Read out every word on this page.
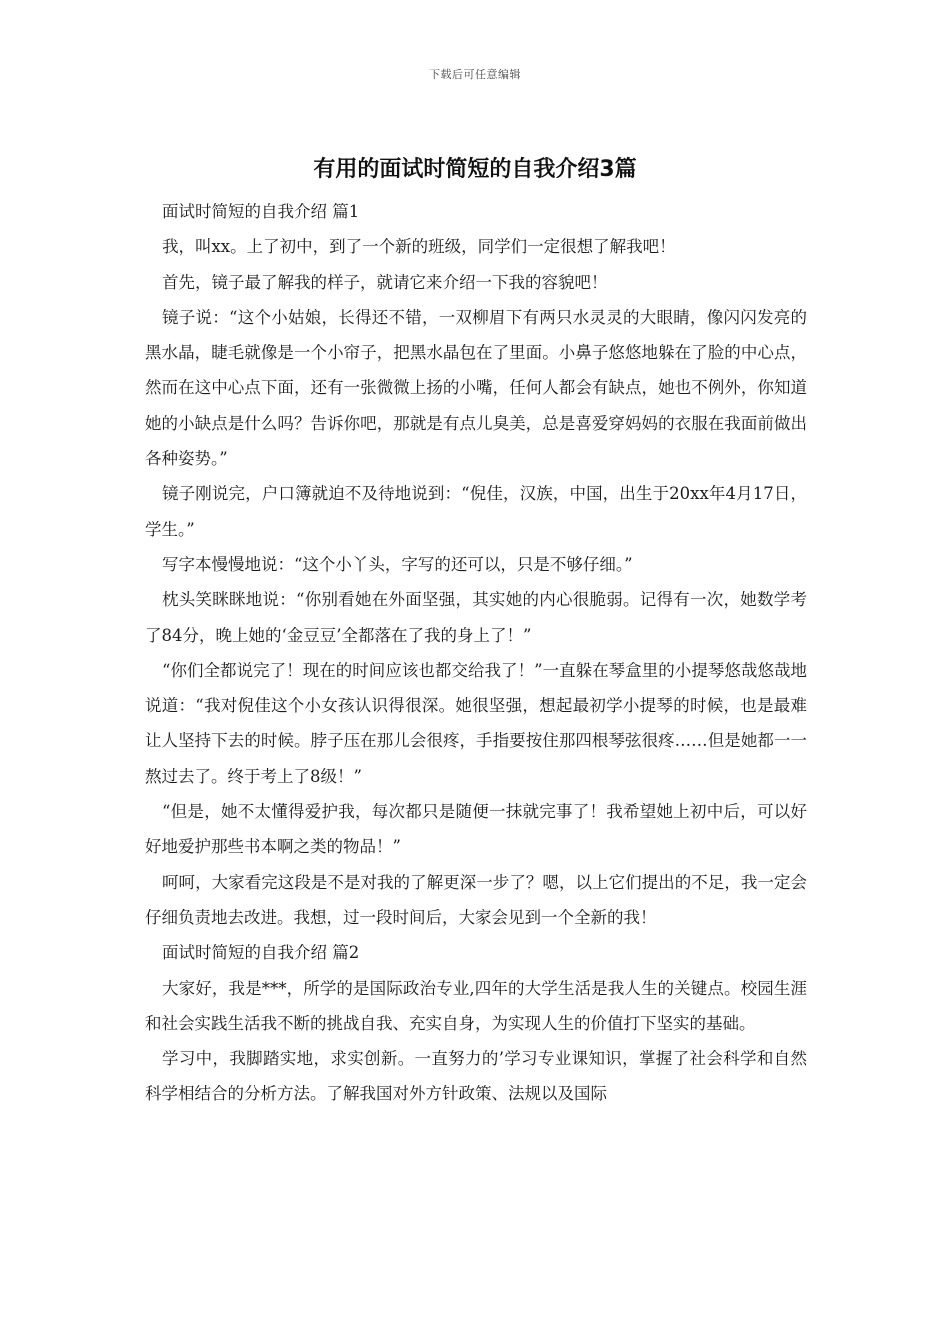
下载后可任意编辑
有用的面试时简短的自我介绍3篇

面试时简短的自我介绍 篇1

我，叫xx。上了初中，到了一个新的班级，同学们一定很想了解我吧！

首先，镜子最了解我的样子，就请它来介绍一下我的容貌吧！

镜子说：“这个小姑娘，长得还不错，一双柳眉下有两只水灵灵的大眼睛，像闪闪发亮的黑水晶，睫毛就像是一个小帘子，把黑水晶包在了里面。小鼻子悠悠地躲在了脸的中心点，然而在这中心点下面，还有一张微微上扬的小嘴，任何人都会有缺点，她也不例外，你知道她的小缺点是什么吗？告诉你吧，那就是有点儿臭美，总是喜爱穿妈妈的衣服在我面前做出各种姿势。”

镜子刚说完，户口簿就迫不及待地说到：“倪佳，汉族，中国，出生于20xx年4月17日，学生。”

写字本慢慢地说：“这个小丫头，字写的还可以，只是不够仔细。”

枕头笑眯眯地说：“你别看她在外面坚强，其实她的内心很脆弱。记得有一次，她数学考了84分，晚上她的‘金豆豆’全都落在了我的身上了！”

“你们全都说完了！现在的时间应该也都交给我了！”一直躲在琴盒里的小提琴悠哉悠哉地说道：“我对倪佳这个小女孩认识得很深。她很坚强，想起最初学小提琴的时候，也是最难让人坚持下去的时候。脖子压在那儿会很疼，手指要按住那四根琴弦很疼……但是她都一一熬过去了。终于考上了8级！”

“但是，她不太懂得爱护我，每次都只是随便一抹就完事了！我希望她上初中后，可以好好地爱护那些书本啊之类的物品！”

呵呵，大家看完这段是不是对我的了解更深一步了？嗯，以上它们提出的不足，我一定会仔细负责地去改进。我想，过一段时间后，大家会见到一个全新的我！

面试时简短的自我介绍 篇2

大家好，我是***，所学的是国际政治专业,四年的大学生活是我人生的关键点。校园生涯和社会实践生活我不断的挑战自我、充实自身，为实现人生的价值打下坚实的基础。

学习中，我脚踏实地，求实创新。一直努力的’学习专业课知识，掌握了社会科学和自然科学相结合的分析方法。了解我国对外方针政策、法规以及国际
